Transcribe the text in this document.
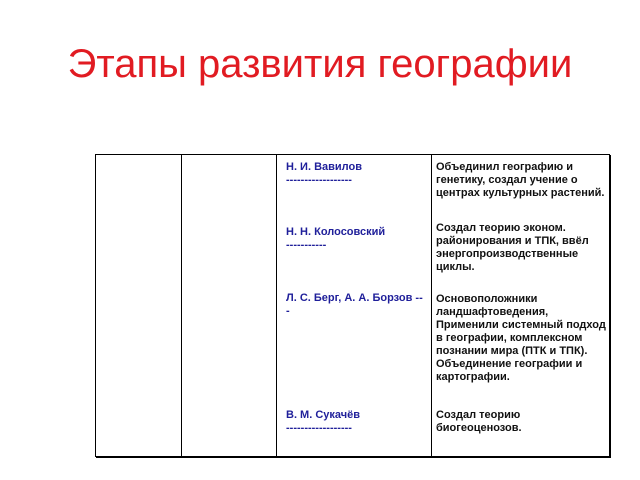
Этапы развития географии
Н. И. Вавилов
------------------
Н. Н. Колосовский
-----------
Л. С. Берг, А. А. Борзов ---
В. М. Сукачёв
------------------
Объединил географию и генетику, создал учение о центрах культурных растений.
Создал теорию эконом. районирования и ТПК, ввёл энергопроизводственные циклы.
Основоположники ландшафтоведения, Применили системный подход в географии, комплексном познании мира (ПТК и ТПК).
Объединение географии и картографии.
Создал теорию биогеоценозов.
